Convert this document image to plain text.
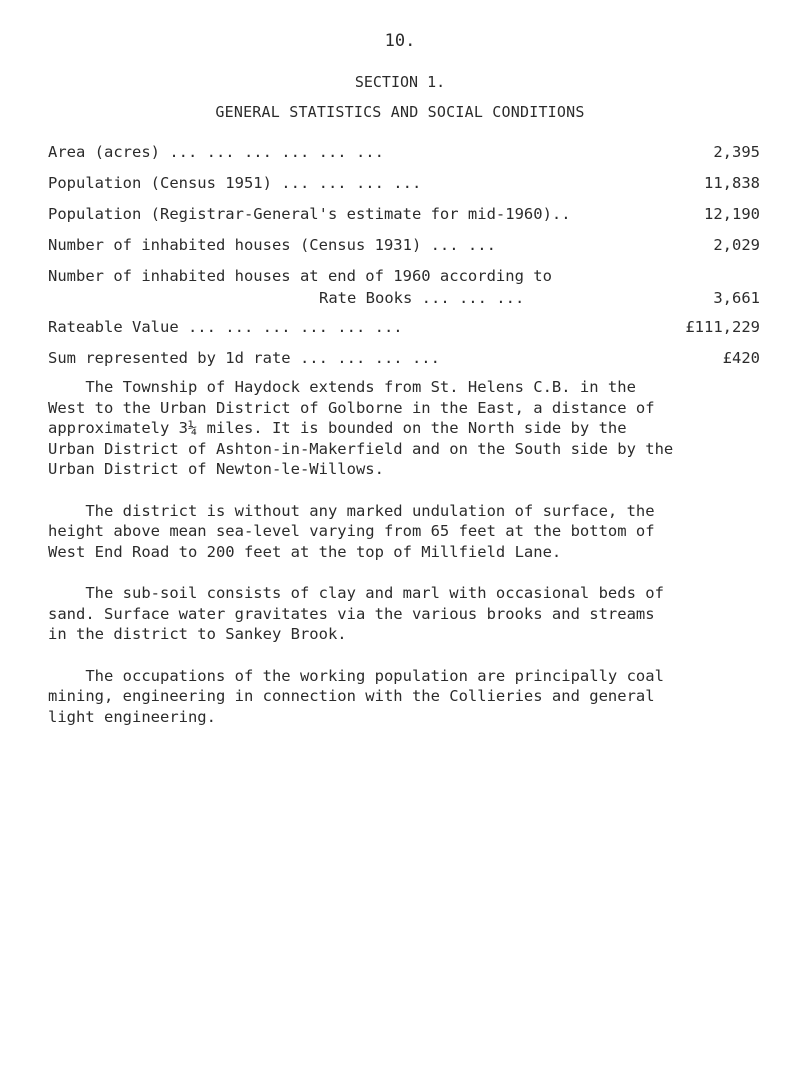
10.
SECTION 1.
GENERAL STATISTICS AND SOCIAL CONDITIONS
Area (acres) ... ... ... ... ... ...	2,395
Population (Census 1951) ... ... ... ...	11,838
Population (Registrar-General's estimate for mid-1960)..	12,190
Number of inhabited houses (Census 1931) ... ...	2,029
Number of inhabited houses at end of 1960 according to
Rate Books ... ... ...	3,661
Rateable Value ... ... ... ... ... ...	£111,229
Sum represented by 1d rate ... ... ... ...	£420

The Township of Haydock extends from St. Helens C.B. in the
West to the Urban District of Golborne in the East, a distance of
approximately 3¼ miles. It is bounded on the North side by the
Urban District of Ashton-in-Makerfield and on the South side by the
Urban District of Newton-le-Willows.

The district is without any marked undulation of surface, the
height above mean sea-level varying from 65 feet at the bottom of
West End Road to 200 feet at the top of Millfield Lane.

The sub-soil consists of clay and marl with occasional beds of
sand. Surface water gravitates via the various brooks and streams
in the district to Sankey Brook.

The occupations of the working population are principally coal
mining, engineering in connection with the Collieries and general
light engineering.
